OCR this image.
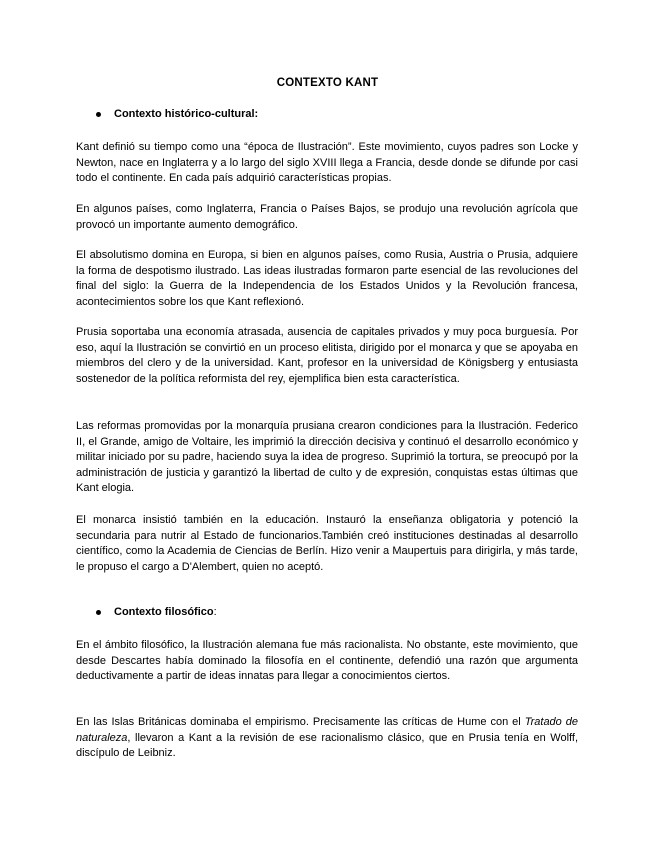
CONTEXTO KANT
Contexto histórico-cultural:

Kant definió su tiempo como una “época de Ilustración”. Este movimiento, cuyos padres son Locke y Newton, nace en Inglaterra y a lo largo del siglo XVIII llega a Francia, desde donde se difunde por casi todo el continente. En cada país adquirió características propias.

En algunos países, como Inglaterra, Francia o Países Bajos, se produjo una revolución agrícola que provocó un importante aumento demográfico.

El absolutismo domina en Europa, si bien en algunos países, como Rusia, Austria o Prusia, adquiere la forma de despotismo ilustrado. Las ideas ilustradas formaron parte esencial de las revoluciones del final del siglo: la Guerra de la Independencia de los Estados Unidos y la Revolución francesa, acontecimientos sobre los que Kant reflexionó.

Prusia soportaba una economía atrasada, ausencia de capitales privados y muy poca burguesía. Por eso, aquí la Ilustración se convirtió en un proceso elitista, dirigido por el monarca y que se apoyaba en miembros del clero y de la universidad. Kant, profesor en la universidad de Königsberg y entusiasta sostenedor de la política reformista del rey, ejemplifica bien esta característica.

Las reformas promovidas por la monarquía prusiana crearon condiciones para la Ilustración. Federico II, el Grande, amigo de Voltaire, les imprimió la dirección decisiva y continuó el desarrollo económico y militar iniciado por su padre, haciendo suya la idea de progreso. Suprimió la tortura, se preocupó por la administración de justicia y garantizó la libertad de culto y de expresión, conquistas estas últimas que Kant elogia.

El monarca insistió también en la educación. Instauró la enseñanza obligatoria y potenció la secundaria para nutrir al Estado de funcionarios.También creó instituciones destinadas al desarrollo científico, como la Academia de Ciencias de Berlín. Hizo venir a Maupertuis para dirigirla, y más tarde, le propuso el cargo a D'Alembert, quien no aceptó.

Contexto filosófico :

En el ámbito filosófico, la Ilustración alemana fue más racionalista. No obstante, este movimiento, que desde Descartes había dominado la filosofía en el continente, defendió una razón que argumenta deductivamente a partir de ideas innatas para llegar a conocimientos ciertos.

En las Islas Británicas dominaba el empirismo. Precisamente las críticas de Hume con el Tratado de naturaleza, llevaron a Kant a la revisión de ese racionalismo clásico, que en Prusia tenía en Wolff, discípulo de Leibniz.
